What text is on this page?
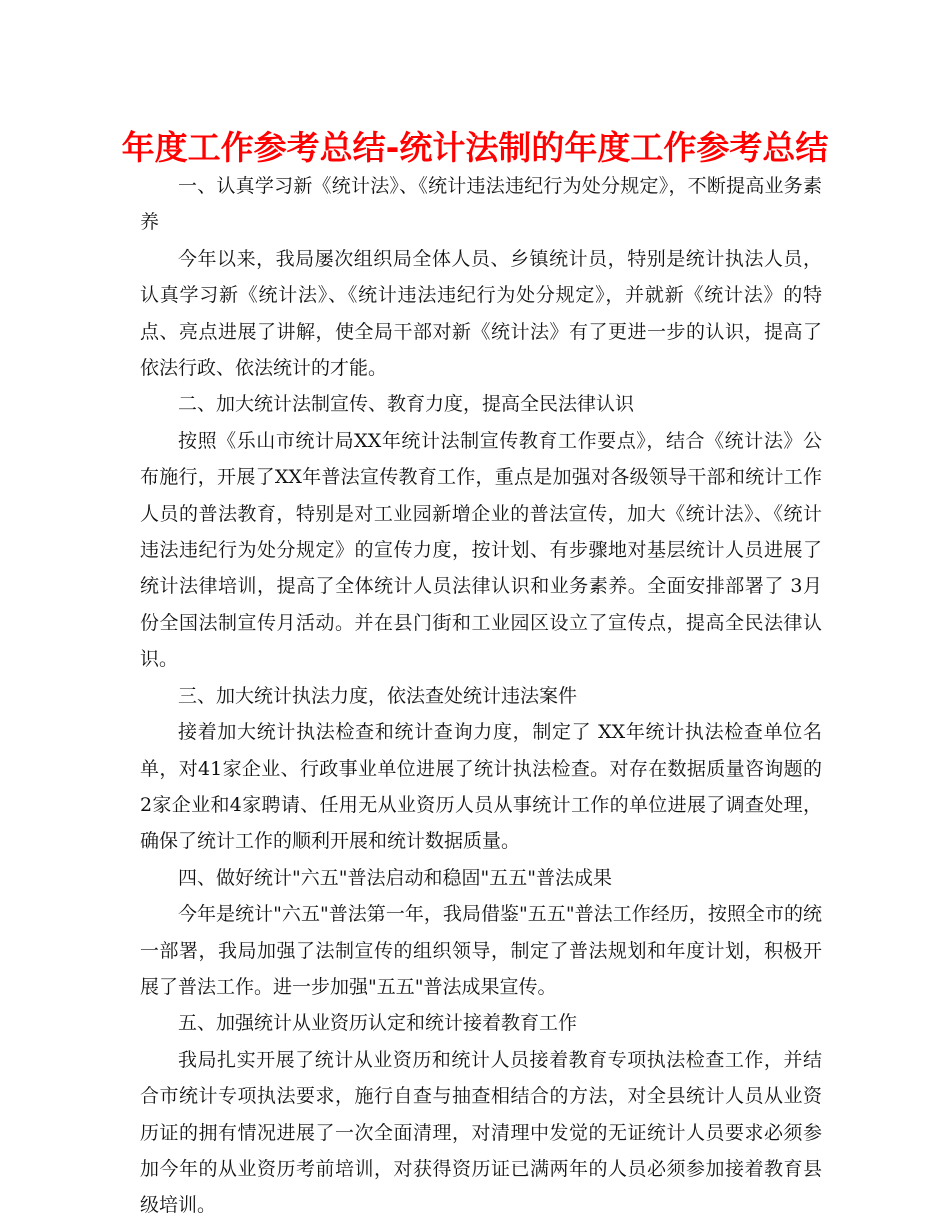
年度工作参考总结-统计法制的年度工作参考总结

一、认真学习新《统计法》、《统计违法违纪行为处分规定》，不断提高业务素养

今年以来，我局屡次组织局全体人员、乡镇统计员，特别是统计执法人员，认真学习新《统计法》、《统计违法违纪行为处分规定》，并就新《统计法》的特点、亮点进展了讲解，使全局干部对新《统计法》有了更进一步的认识，提高了依法行政、依法统计的才能。

二、加大统计法制宣传、教育力度，提高全民法律认识

按照《乐山市统计局XX年统计法制宣传教育工作要点》，结合《统计法》公布施行，开展了XX年普法宣传教育工作，重点是加强对各级领导干部和统计工作人员的普法教育，特别是对工业园新增企业的普法宣传，加大《统计法》、《统计违法违纪行为处分规定》的宣传力度，按计划、有步骤地对基层统计人员进展了统计法律培训，提高了全体统计人员法律认识和业务素养。全面安排部署了 3月份全国法制宣传月活动。并在县门街和工业园区设立了宣传点，提高全民法律认识。

三、加大统计执法力度，依法查处统计违法案件

接着加大统计执法检查和统计查询力度，制定了 XX年统计执法检查单位名单，对41家企业、行政事业单位进展了统计执法检查。对存在数据质量咨询题的2家企业和4家聘请、任用无从业资历人员从事统计工作的单位进展了调查处理，确保了统计工作的顺利开展和统计数据质量。

四、做好统计"六五"普法启动和稳固"五五"普法成果

今年是统计"六五"普法第一年，我局借鉴"五五"普法工作经历，按照全市的统一部署，我局加强了法制宣传的组织领导，制定了普法规划和年度计划，积极开展了普法工作。进一步加强"五五"普法成果宣传。

五、加强统计从业资历认定和统计接着教育工作

我局扎实开展了统计从业资历和统计人员接着教育专项执法检查工作，并结合市统计专项执法要求，施行自查与抽查相结合的方法，对全县统计人员从业资历证的拥有情况进展了一次全面清理，对清理中发觉的无证统计人员要求必须参加今年的从业资历考前培训，对获得资历证已满两年的人员必须参加接着教育县级培训。
